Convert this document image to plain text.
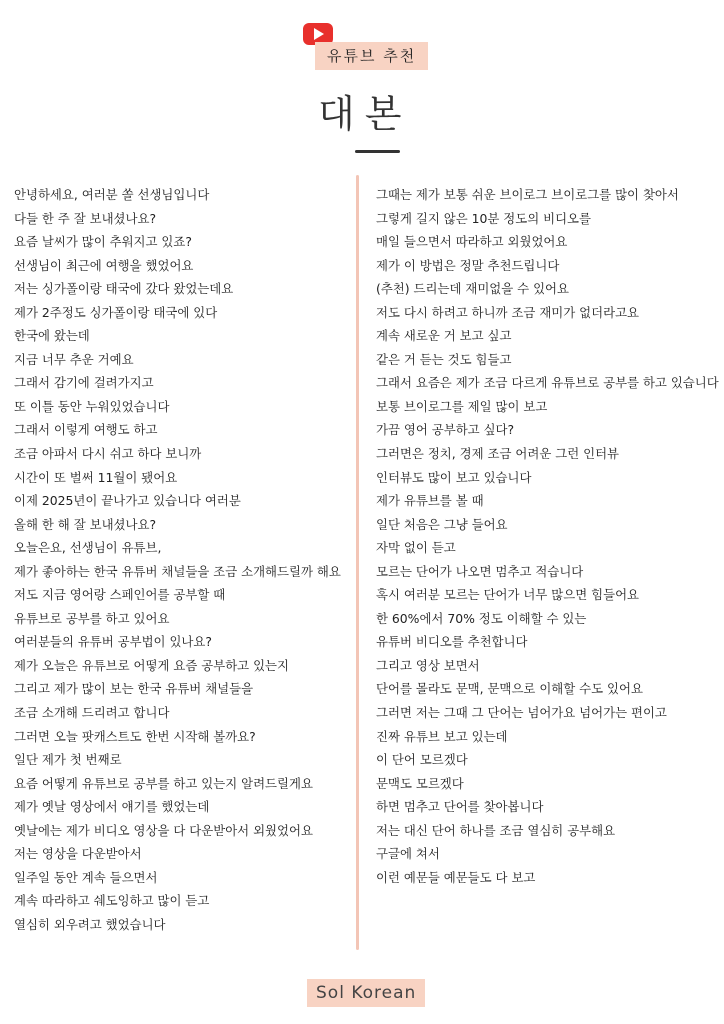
유튜브 추천
대본
안녕하세요, 여러분 쏠 선생님입니다
다들 한 주 잘 보내셨나요?
요즘 날씨가 많이 추워지고 있죠?
선생님이 최근에 여행을 했었어요
저는 싱가폴이랑 태국에 갔다 왔었는데요
제가 2주정도 싱가폴이랑 태국에 있다
한국에 왔는데
지금 너무 추운 거예요
그래서 감기에 걸려가지고
또 이틀 동안 누워있었습니다
그래서 이렇게 여행도 하고
조금 아파서 다시 쉬고 하다 보니까
시간이 또 벌써 11월이 됐어요
이제 2025년이 끝나가고 있습니다 여러분
올해 한 해 잘 보내셨나요?
오늘은요, 선생님이 유튜브,
제가 좋아하는 한국 유튜버 채널들을 조금 소개해드릴까 해요
저도 지금 영어랑 스페인어를 공부할 때
유튜브로 공부를 하고 있어요
여러분들의 유튜버 공부법이 있나요?
제가 오늘은 유튜브로 어떻게 요즘 공부하고 있는지
그리고 제가 많이 보는 한국 유튜버 채널들을
조금 소개해 드리려고 합니다
그러면 오늘 팟캐스트도 한번 시작해 볼까요?
일단 제가 첫 번째로
요즘 어떻게 유튜브로 공부를 하고 있는지 알려드릴게요
제가 옛날 영상에서 얘기를 했었는데
옛날에는 제가 비디오 영상을 다 다운받아서 외웠었어요
저는 영상을 다운받아서
일주일 동안 계속 들으면서
계속 따라하고 쉐도잉하고 많이 듣고
열심히 외우려고 했었습니다
그때는 제가 보통 쉬운 브이로그 브이로그를 많이 찾아서
그렇게 길지 않은 10분 정도의 비디오를
매일 들으면서 따라하고 외웠었어요
제가 이 방법은 정말 추천드립니다
(추천) 드리는데 재미없을 수 있어요
저도 다시 하려고 하니까 조금 재미가 없더라고요
계속 새로운 거 보고 싶고
같은 거 듣는 것도 힘들고
그래서 요즘은 제가 조금 다르게 유튜브로 공부를 하고 있습니다
보통 브이로그를 제일 많이 보고
가끔 영어 공부하고 싶다?
그러면은 정치, 경제 조금 어려운 그런 인터뷰
인터뷰도 많이 보고 있습니다
제가 유튜브를 볼 때
일단 처음은 그냥 들어요
자막 없이 듣고
모르는 단어가 나오면 멈추고 적습니다
혹시 여러분 모르는 단어가 너무 많으면 힘들어요
한 60%에서 70% 정도 이해할 수 있는
유튜버 비디오를 추천합니다
그리고 영상 보면서
단어를 몰라도 문맥, 문맥으로 이해할 수도 있어요
그러면 저는 그때 그 단어는 넘어가요 넘어가는 편이고
진짜 유튜브 보고 있는데
이 단어 모르겠다
문맥도 모르겠다
하면 멈추고 단어를 찾아봅니다
저는 대신 단어 하나를 조금 열심히 공부해요
구글에 쳐서
이런 예문들 예문들도 다 보고
Sol Korean
